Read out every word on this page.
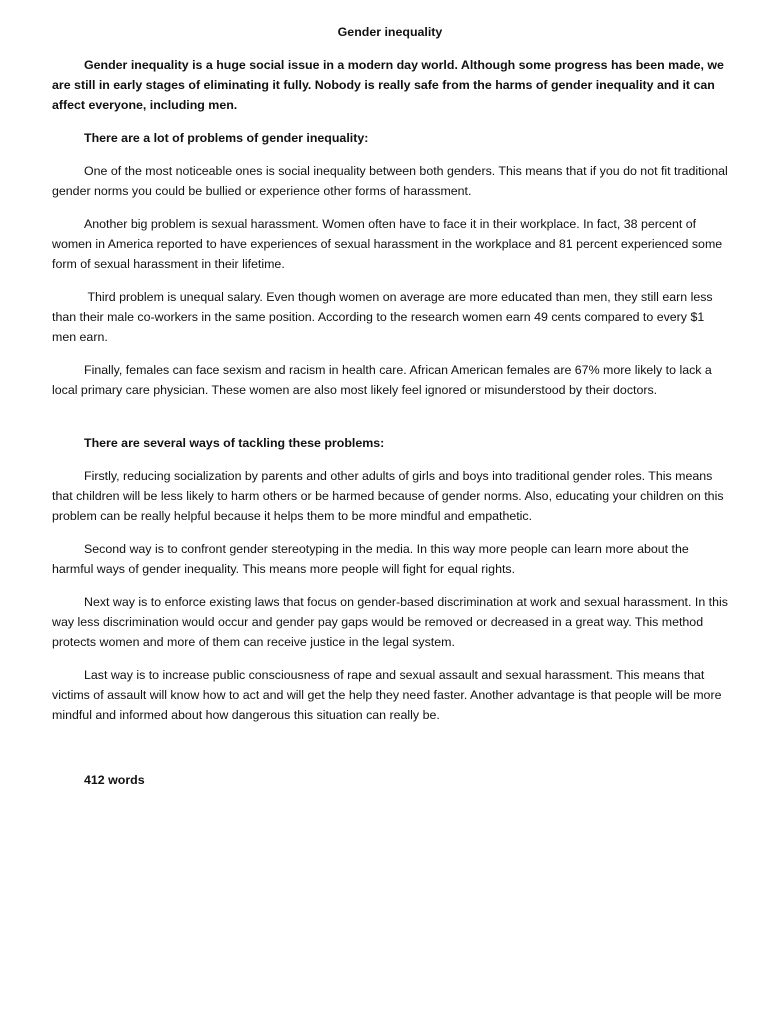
Gender inequality

Gender inequality is a huge social issue in a modern day world. Although some progress has been made, we are still in early stages of eliminating it fully. Nobody is really safe from the harms of gender inequality and it can affect everyone, including men.

There are a lot of problems of gender inequality:

One of the most noticeable ones is social inequality between both genders. This means that if you do not fit traditional gender norms you could be bullied or experience other forms of harassment.

Another big problem is sexual harassment. Women often have to face it in their workplace. In fact, 38 percent of women in America reported to have experiences of sexual harassment in the workplace and 81 percent experienced some form of sexual harassment in their lifetime.

Third problem is unequal salary. Even though women on average are more educated than men, they still earn less than their male co-workers in the same position. According to the research women earn 49 cents compared to every $1 men earn.

Finally, females can face sexism and racism in health care. African American females are 67% more likely to lack a local primary care physician. These women are also most likely feel ignored or misunderstood by their doctors.

There are several ways of tackling these problems:

Firstly, reducing socialization by parents and other adults of girls and boys into traditional gender roles. This means that children will be less likely to harm others or be harmed because of gender norms. Also, educating your children on this problem can be really helpful because it helps them to be more mindful and empathetic.

Second way is to confront gender stereotyping in the media. In this way more people can learn more about the harmful ways of gender inequality. This means more people will fight for equal rights.

Next way is to enforce existing laws that focus on gender-based discrimination at work and sexual harassment. In this way less discrimination would occur and gender pay gaps would be removed or decreased in a great way. This method protects women and more of them can receive justice in the legal system.

Last way is to increase public consciousness of rape and sexual assault and sexual harassment. This means that victims of assault will know how to act and will get the help they need faster. Another advantage is that people will be more mindful and informed about how dangerous this situation can really be.

412 words
